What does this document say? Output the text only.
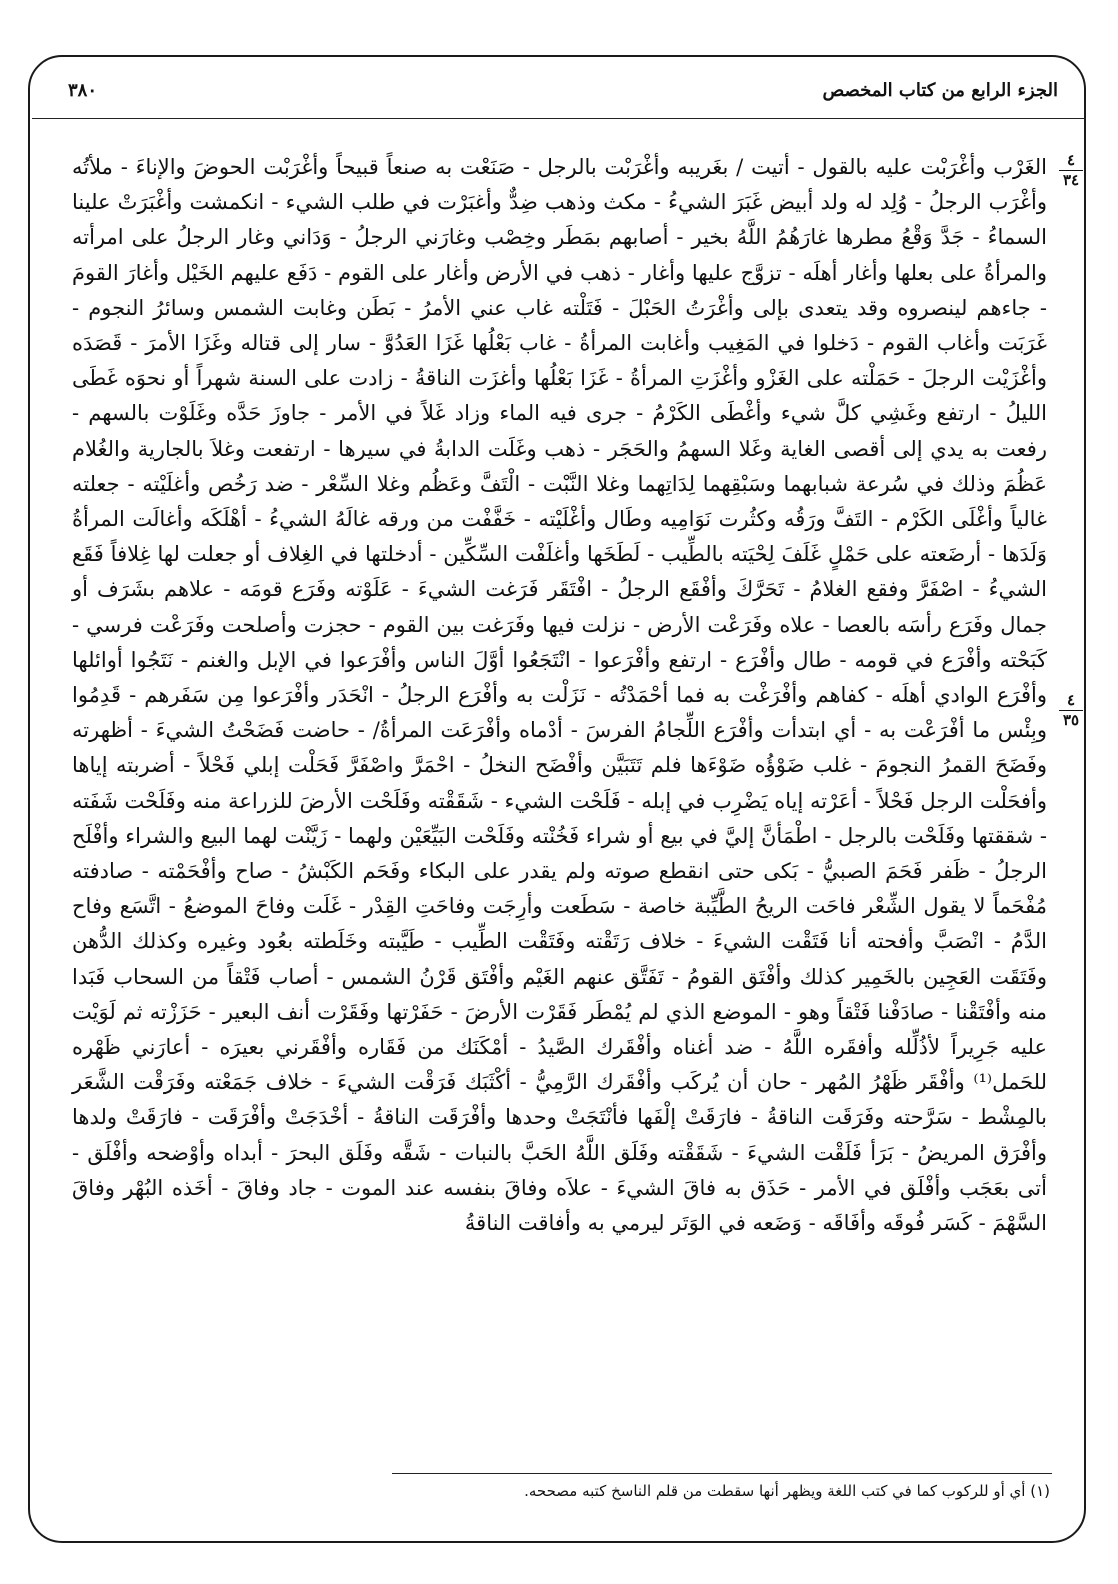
الجزء الرابع من كتاب المخصص
٣٨٠
٤
٣٤
٤
٣٥
الغَرْب وأغْرَبْت عليه بالقول - أتيت / بغَريبه وأغْرَبْت بالرجل - صَنَعْت به صنعاً قبيحاً وأغْرَبْت الحوضَ والإناءَ - ملأتُه وأغْرَب الرجلُ - وُلِد له ولد أبيض غَبَرَ الشيءُ - مكث وذهب ضِدٌّ وأغبَرْت في طلب الشيء - انكمشت وأغْبَرَتْ علينا السماءُ - جَدَّ وَقْعُ مطرها غارَهُمُ اللَّهُ بخير - أصابهم بمَطَر وخِصْب وغارَني الرجلُ - وَدَاني وغار الرجلُ على امرأته والمرأةُ على بعلها وأغار أهلَه - تزوَّج عليها وأغار - ذهب في الأرض وأغار على القوم - دَفَع عليهم الخَيْل وأغارَ القومَ - جاءهم لينصروه وقد يتعدى بإلى وأغْرَتُ الحَبْلَ - فَتَلْته غاب عني الأمرُ - بَطَن وغابت الشمس وسائرُ النجوم - غَرَبَت وأغاب القوم - دَخلوا في المَغِيب وأغابت المرأةُ - غاب بَعْلُها غَزَا العَدُوَّ - سار إلى قتاله وغَزَا الأمرَ - قَصَدَه وأغْزَيْت الرجلَ - حَمَلْته على الغَزْو وأغْزَتِ المرأةُ - غَزَا بَعْلُها وأغزَت الناقةُ - زادت على السنة شهراً أو نحوَه غَطَى الليلُ - ارتفع وغَشِي كلَّ شيء وأغْطَى الكَرْمُ - جرى فيه الماء وزاد غَلاً في الأمر - جاوزَ حَدَّه وغَلَوْت بالسهم - رفعت به يدي إلى أقصى الغاية وغَلا السهمُ والحَجَر - ذهب وغَلَت الدابةُ في سيرها - ارتفعت وغلاَ بالجارية والغُلام عَظُمَ وذلك في سُرعة شبابهما وسَبْقِهما لِدَاتِهما وغلا النَّبْت - الْتَفَّ وعَظُم وغلا السِّعْر - ضد رَخُص وأغلَيْته - جعلته غالياً وأغْلَى الكَرْم - التَفَّ ورَقُه وكثُرت نَوَامِيه وطَال وأغْلَيْته - خَفَّفْت من ورقه غالَهُ الشيءُ - أهْلَكَه وأغالَت المرأةُ وَلَدَها - أرضَعته على حَمْلٍ غَلَفَ لِحْيَته بالطِّيب - لَطَخَها وأغلَفْت السِّكِّين - أدخلتها في الغِلاف أو جعلت لها غِلافاً فَقَع الشيءُ - اصْفَرَّ وفقع الغلامُ - تَحَرَّكَ وأفْقَع الرجلُ - افْتَقَر فَرَغت الشيءَ - عَلَوْته وفَرَع قومَه - علاهم بشَرَف أو جمال وفَرَع رأسَه بالعصا - علاه وفَرَعْت الأرض - نزلت فيها وفَرَغت بين القوم - حجزت وأصلحت وفَرَعْت فرسي - كَبَحْته وأفْرَع في قومه - طال وأفْرَع - ارتفع وأفْرَعوا - انْتَجَعُوا أوَّلَ الناس وأفْرَعوا في الإبل والغنم - نَتَجُوا أوائلها وأفْرَع الوادي أهلَه - كفاهم وأفْرَغْت به فما أحْمَدْتُه - نَزَلْت به وأفْرَع الرجلُ - انْحَدَر وأفْرَعوا مِن سَفَرهم - قَدِمُوا وبِئْس ما أفْرَعْت به - أي ابتدأت وأفْرَع اللِّجامُ الفرسَ - أدْماه وأفْرَعَت المرأةُ/ - حاضت فَضَحْتُ الشيءَ - أظهرته وفَضَحَ القمرُ النجومَ - غلب ضَوْؤُه ضَوْءَها فلم تَتَبَيَّن وأفْضَح النخلُ - احْمَرَّ واصْفَرَّ فَحَلْت إبلي فَحْلاً - أضربته إياها وأفحَلْت الرجل فَحْلاً - أعَرْته إياه يَضْرِب في إبله - فَلَحْت الشيء - شَقَقْته وفَلَحْت الأرضَ للزراعة منه وفَلَحْت شَفَته - شققتها وفَلَحْت بالرجل - اطْمَأنَّ إليَّ في بيع أو شراء فَخُنْته وفَلَحْت البَيِّعَيْن ولهما - زَيَّنْت لهما البيع والشراء وأفْلَح الرجلُ - ظَفر فَحَمَ الصبيُّ - بَكى حتى انقطع صوته ولم يقدر على البكاء وفَحَم الكَبْشُ - صاح وأفْحَمْته - صادفته مُفْحَماً لا يقول الشِّعْر فاحَت الريحُ الطَّيِّبة خاصة - سَطَعت وأرِجَت وفاحَتِ القِدْر - غَلَت وفاحَ الموضعُ - اتَّسَع وفاح الدَّمُ - انْصَبَّ وأفحته أنا فَتَقْت الشيءَ - خلاف رَتَقْته وفَتَقْت الطِّيب - طَيَّبته وخَلَطته بعُود وغيره وكذلك الدُّهن وفَتَقَت العَجِين بالخَمِير كذلك وأفْتَق القومُ - تَفَتَّق عنهم الغَيْم وأفْتَق قَرْنُ الشمس - أصاب فَتْقاً من السحاب فَبَدا منه وأفْتَقْنا - صادَفْنا فَتْقاً وهو - الموضع الذي لم يُمْطَر فَقَرْت الأرضَ - حَفَرْتها وفَقَرْت أنف البعير - حَزَزْته ثم لَوَيْت عليه جَرِيراً لأذُلِّله وأفقَره اللَّهُ - ضد أغناه وأفْقَرك الصَّيدُ - أمْكَنَك من فَقَاره وأفْقَرني بعيرَه - أعارَني ظَهْره للحَمل⁽¹⁾ وأفْقَر ظَهْرُ المُهر - حان أن يُركَب وأفْقَرك الرَّمِيُّ - أكْثَبَك فَرَقْت الشيءَ - خلاف جَمَعْته وفَرَقْت الشَّعَر بالمِشْط - سَرَّحته وفَرَقَت الناقةُ - فارَقَتْ إلْفَها فأنْتَجَتْ وحدها وأفْرَقَت الناقةُ - أخْدَجَتْ وأفْرَقَت - فارَقَتْ ولدها وأفْرَق المريضُ - بَرَأ فَلَقْت الشيءَ - شَقَقْته وفَلَق اللَّهُ الحَبَّ بالنبات - شَقَّه وفَلَق البحرَ - أبداه وأوْضحه وأفْلَق - أتى بعَجَب وأفْلَق في الأمر - حَذَق به فاقَ الشيءَ - علاَه وفاقَ بنفسه عند الموت - جاد وفاقَ - أخَذه البُهْر وفاقَ السَّهْمَ - كَسَر فُوقَه وأفَاقَه - وَضَعه في الوَتَر ليرمي به وأفاقت الناقةُ
(١) أي أو للركوب كما في كتب اللغة ويظهر أنها سقطت من قلم الناسخ كتبه مصححه.
